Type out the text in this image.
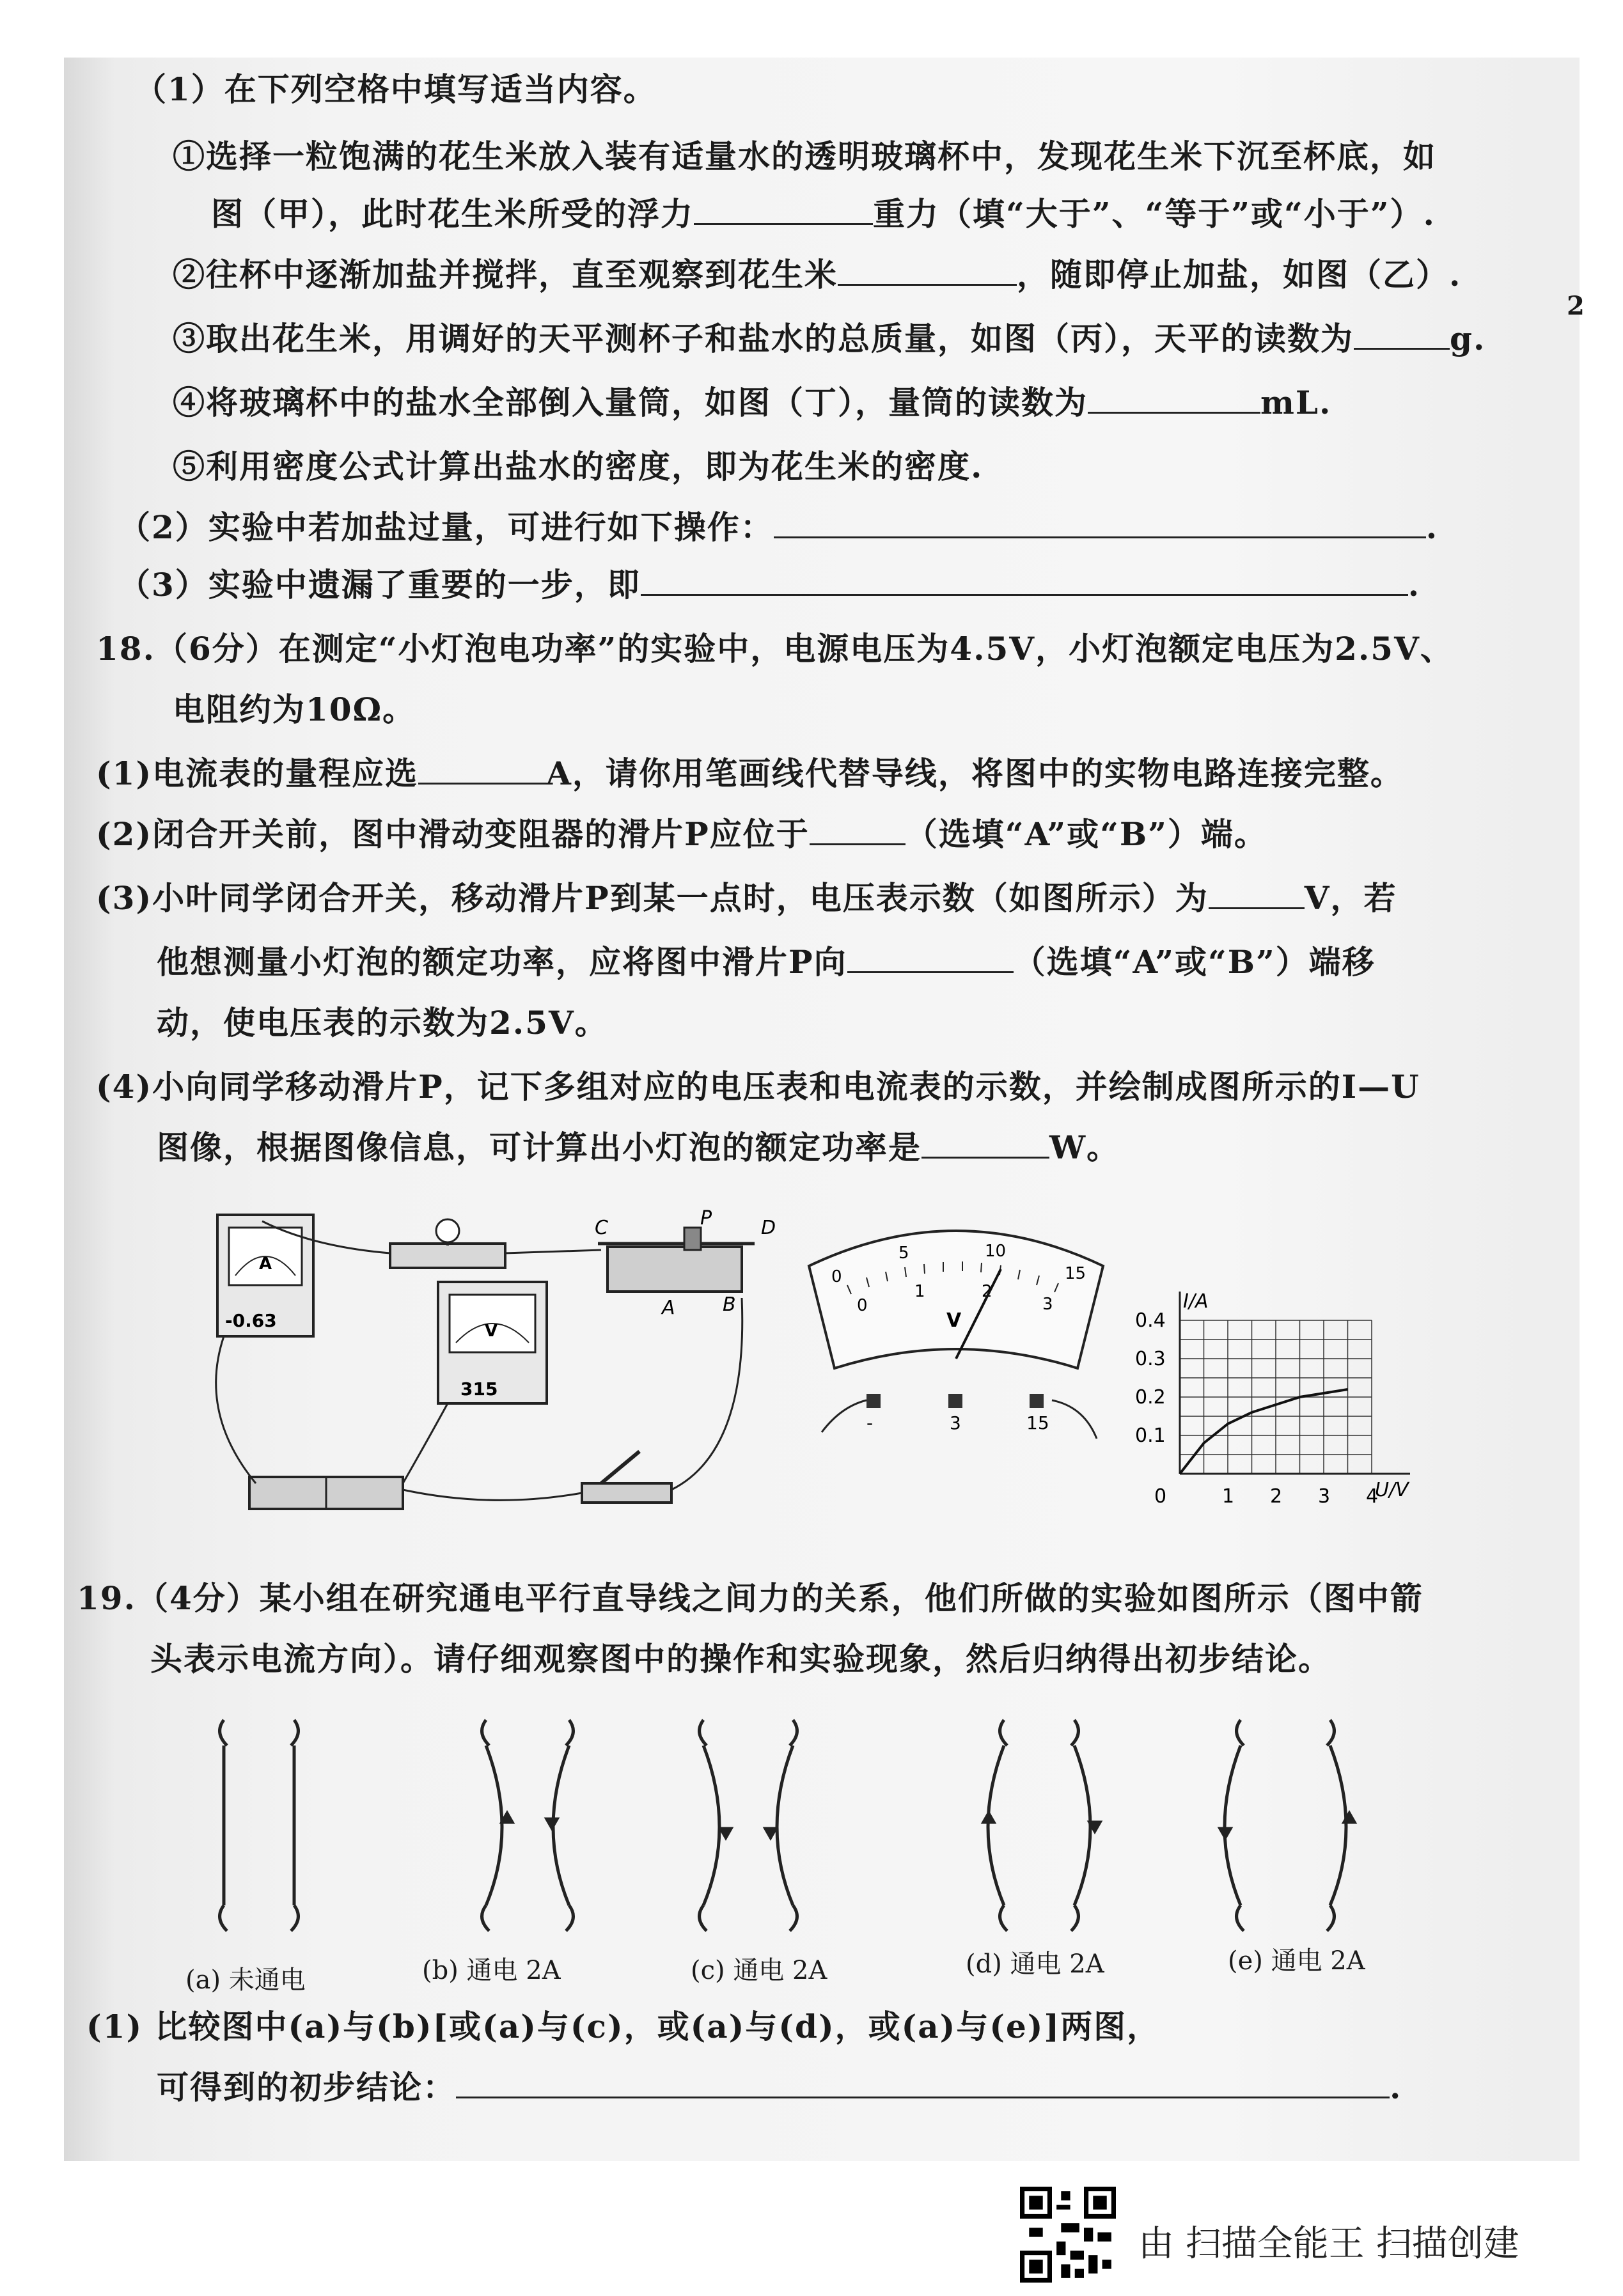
2
（1）在下列空格中填写适当内容。
①选择一粒饱满的花生米放入装有适量水的透明玻璃杯中，发现花生米下沉至杯底，如
图（甲），此时花生米所受的浮力	重力（填“大于”、“等于”或“小于”）.
②往杯中逐渐加盐并搅拌，直至观察到花生米	，随即停止加盐，如图（乙）.
③取出花生米，用调好的天平测杯子和盐水的总质量，如图（丙），天平的读数为	g.
④将玻璃杯中的盐水全部倒入量筒，如图（丁），量筒的读数为	mL.
⑤利用密度公式计算出盐水的密度，即为花生米的密度.
（2）实验中若加盐过量，可进行如下操作：	.
（3）实验中遗漏了重要的一步，即	.
18.（6分）在测定“小灯泡电功率”的实验中，电源电压为4.5V，小灯泡额定电压为2.5V、
电阻约为10Ω。
(1)电流表的量程应选	A，请你用笔画线代替导线，将图中的实物电路连接完整。
(2)闭合开关前，图中滑动变阻器的滑片P应位于	（选填“A”或“B”）端。
(3)小叶同学闭合开关，移动滑片P到某一点时，电压表示数（如图所示）为	V，若
他想测量小灯泡的额定功率，应将图中滑片P向	（选填“A”或“B”）端移
动，使电压表的示数为2.5V。
(4)小向同学移动滑片P，记下多组对应的电压表和电流表的示数，并绘制成图所示的I—U
图像，根据图像信息，可计算出小灯泡的额定功率是	W。
A
-0.63	V
315
C	P	D
A B
0
5	10
15
0
1	2
3
V
-	3	15
I/A
U/V
0.4
0.3
0.2
0.1
0	1 2 3 4
19.（4分）某小组在研究通电平行直导线之间力的关系，他们所做的实验如图所示（图中箭
头表示电流方向）。请仔细观察图中的操作和实验现象，然后归纳得出初步结论。
(a) 未通电	(b) 通电 2A	(c) 通电 2A	(d) 通电 2A	(e) 通电 2A
(1) 比较图中(a)与(b)[或(a)与(c)，或(a)与(d)，或(a)与(e)]两图，
可得到的初步结论：	.
由 扫描全能王 扫描创建
